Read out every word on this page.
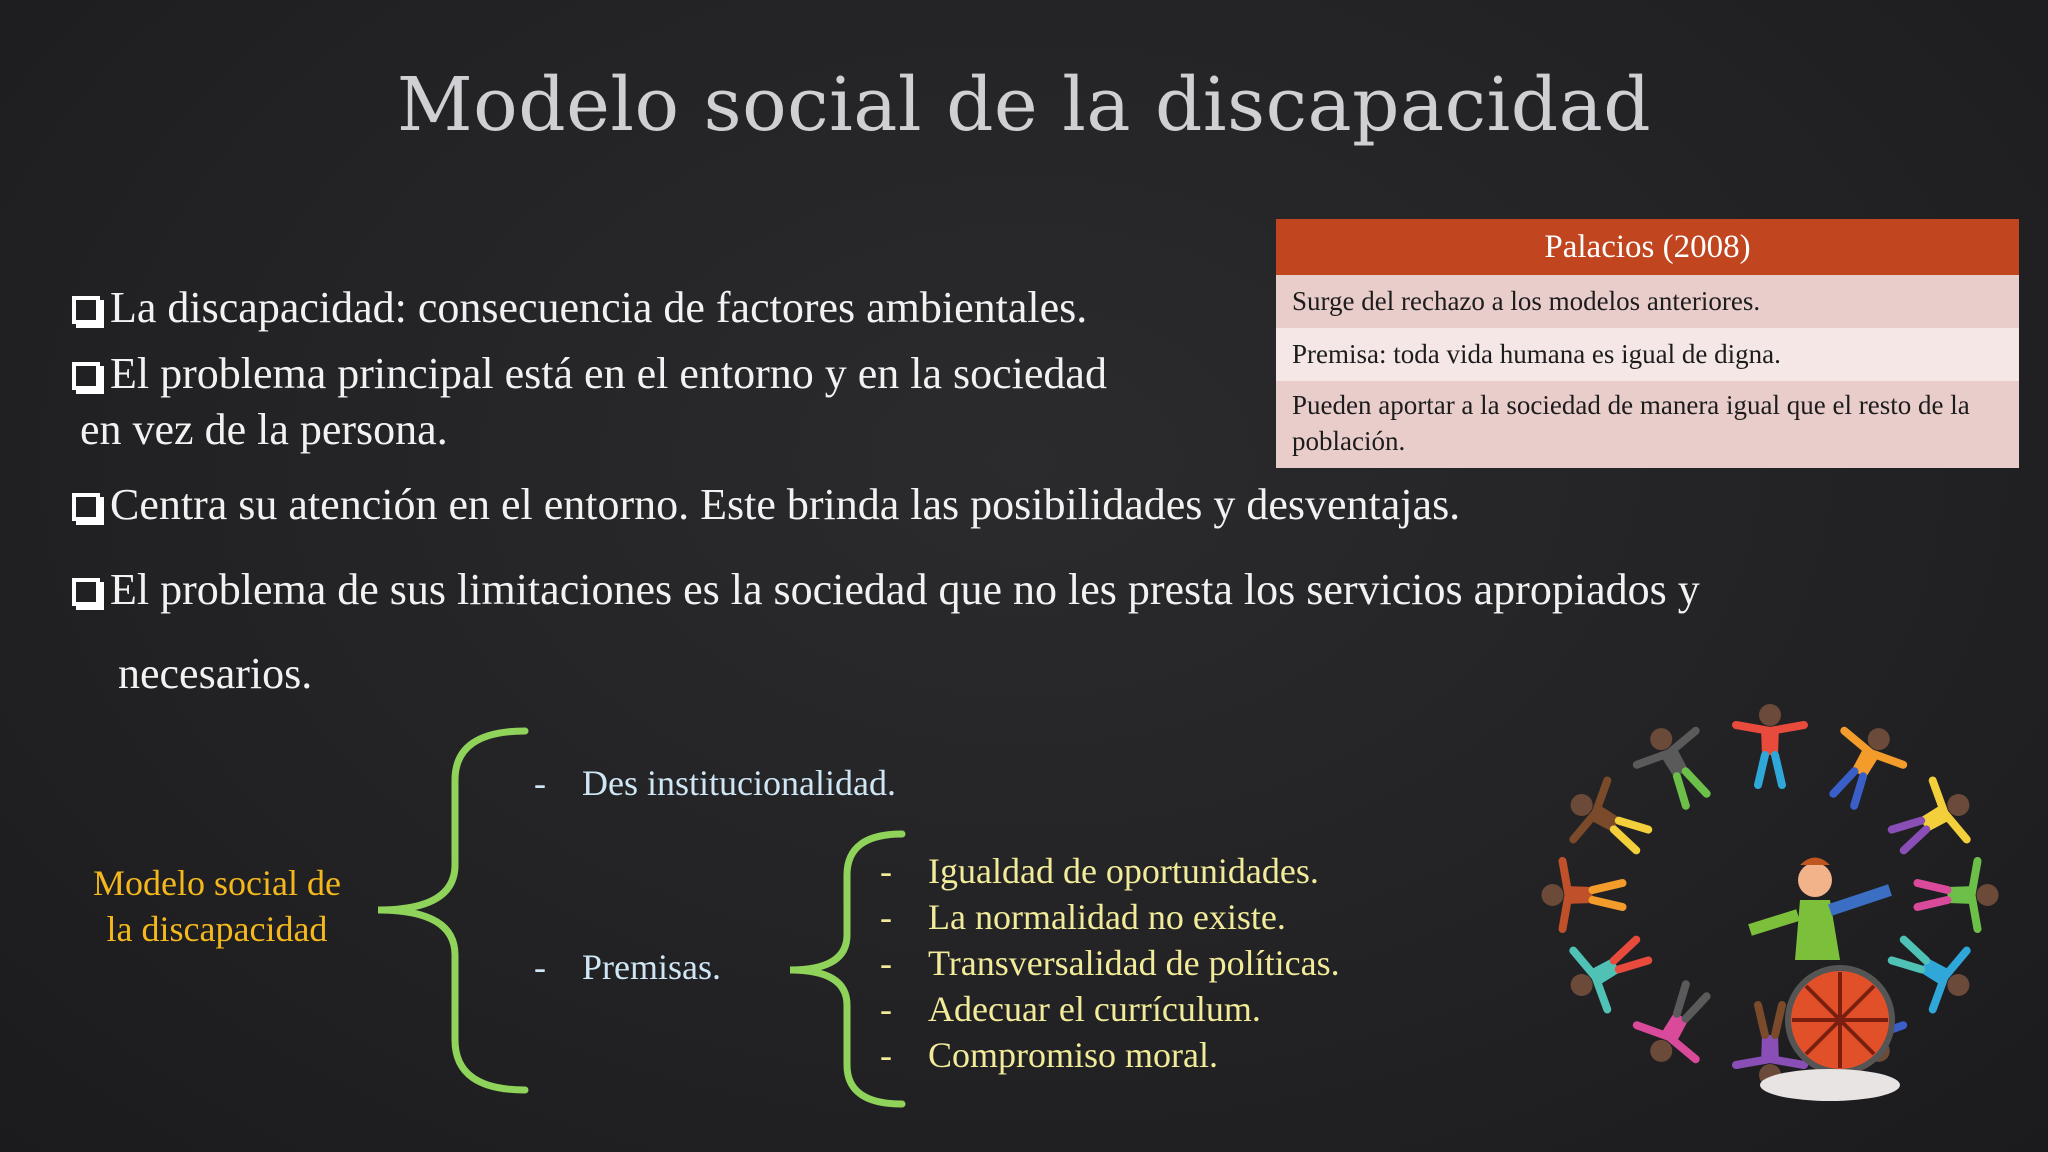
Modelo social de la discapacidad
La discapacidad: consecuencia de factores ambientales.
El problema principal está en el entorno y en la sociedad
en vez de la persona.
Centra su atención en el entorno. Este brinda las posibilidades y desventajas.
El problema de sus limitaciones es la sociedad que no les presta los servicios apropiados y
necesarios.
Palacios (2008)
Surge del rechazo a los modelos anteriores.
Premisa: toda vida humana es igual de digna.
Pueden aportar a la sociedad de manera igual que el resto de la población.
Modelo social de la discapacidad
- Des institucionalidad.
- Premisas.
- Igualdad de oportunidades.
- La normalidad no existe.
- Transversalidad de políticas.
- Adecuar el currículum.
- Compromiso moral.
